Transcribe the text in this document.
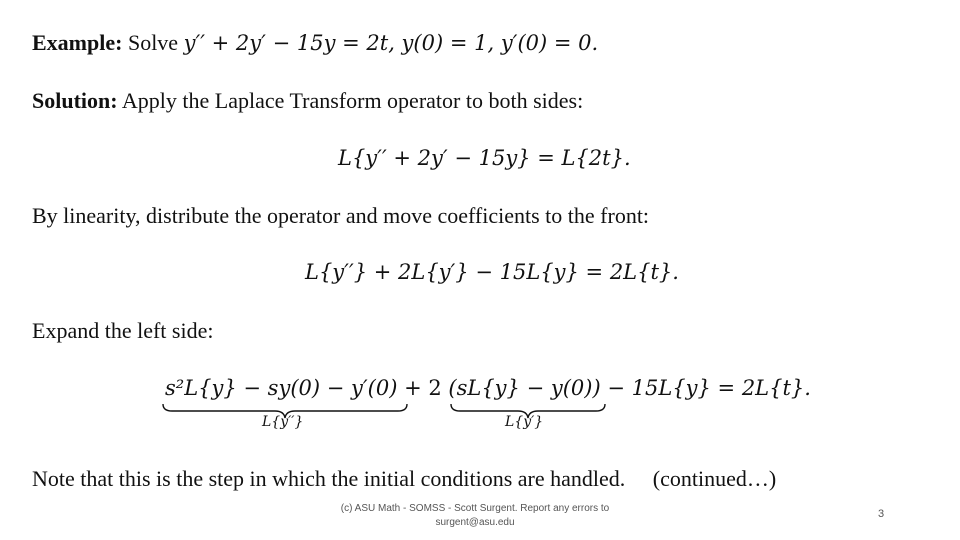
Example: Solve y′′ + 2y′ − 15y = 2t, y(0) = 1, y′(0) = 0.
Solution: Apply the Laplace Transform operator to both sides:
L{y′′ + 2y′ − 15y} = L{2t}.
By linearity, distribute the operator and move coefficients to the front:
L{y′′} + 2L{y′} − 15L{y} = 2L{t}.
Expand the left side:
s²L{y} − sy(0) − y′(0) + 2 (sL{y} − y(0)) − 15L{y} = 2L{t}.
L{y′′}	L{y′}
Note that this is the step in which the initial conditions are handled. (continued…)
(c) ASU Math - SOMSS - Scott Surgent. Report any errors to
surgent@asu.edu
3
